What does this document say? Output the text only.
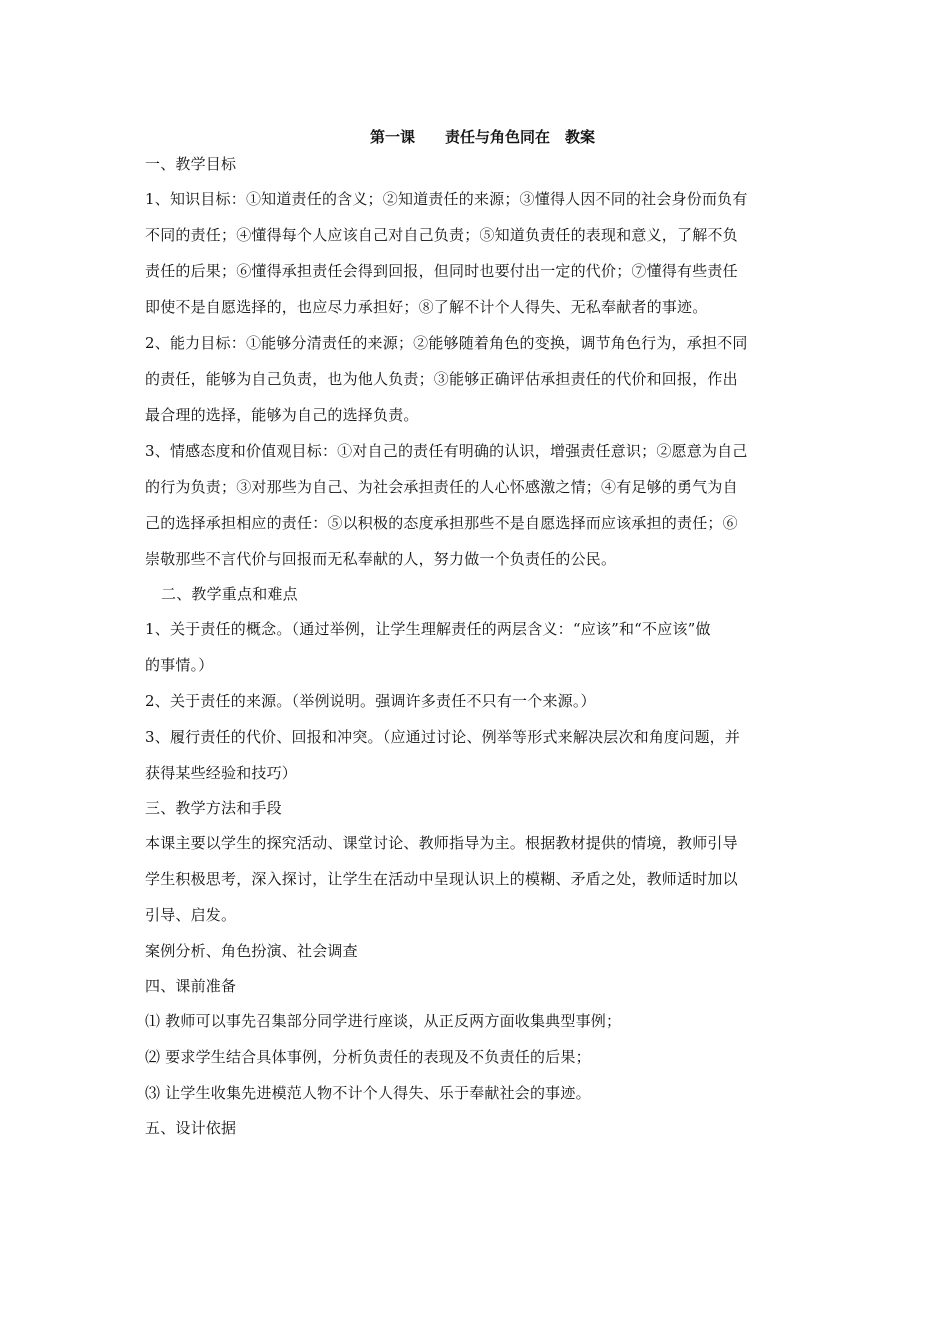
第一课　　责任与角色同在　教案
一、教学目标
1、知识目标：①知道责任的含义；②知道责任的来源；③懂得人因不同的社会身份而负有
不同的责任；④懂得每个人应该自己对自己负责；⑤知道负责任的表现和意义，了解不负
责任的后果；⑥懂得承担责任会得到回报，但同时也要付出一定的代价；⑦懂得有些责任
即使不是自愿选择的，也应尽力承担好；⑧了解不计个人得失、无私奉献者的事迹。
2、能力目标：①能够分清责任的来源；②能够随着角色的变换，调节角色行为，承担不同
的责任，能够为自己负责，也为他人负责；③能够正确评估承担责任的代价和回报，作出
最合理的选择，能够为自己的选择负责。
3、情感态度和价值观目标：①对自己的责任有明确的认识，增强责任意识；②愿意为自己
的行为负责；③对那些为自己、为社会承担责任的人心怀感激之情；④有足够的勇气为自
己的选择承担相应的责任：⑤以积极的态度承担那些不是自愿选择而应该承担的责任；⑥
崇敬那些不言代价与回报而无私奉献的人，努力做一个负责任的公民。
二、教学重点和难点
1、关于责任的概念。（通过举例，让学生理解责任的两层含义：“应该”和“不应该”做
的事情。）
2、关于责任的来源。（举例说明。强调许多责任不只有一个来源。）
3、履行责任的代价、回报和冲突。（应通过讨论、例举等形式来解决层次和角度问题，并
获得某些经验和技巧）
三、教学方法和手段
本课主要以学生的探究活动、课堂讨论、教师指导为主。根据教材提供的情境，教师引导
学生积极思考，深入探讨，让学生在活动中呈现认识上的模糊、矛盾之处，教师适时加以
引导、启发。
案例分析、角色扮演、社会调查
四、课前准备
⑴ 教师可以事先召集部分同学进行座谈，从正反两方面收集典型事例；
⑵ 要求学生结合具体事例，分析负责任的表现及不负责任的后果；
⑶ 让学生收集先进模范人物不计个人得失、乐于奉献社会的事迹。
五、设计依据
